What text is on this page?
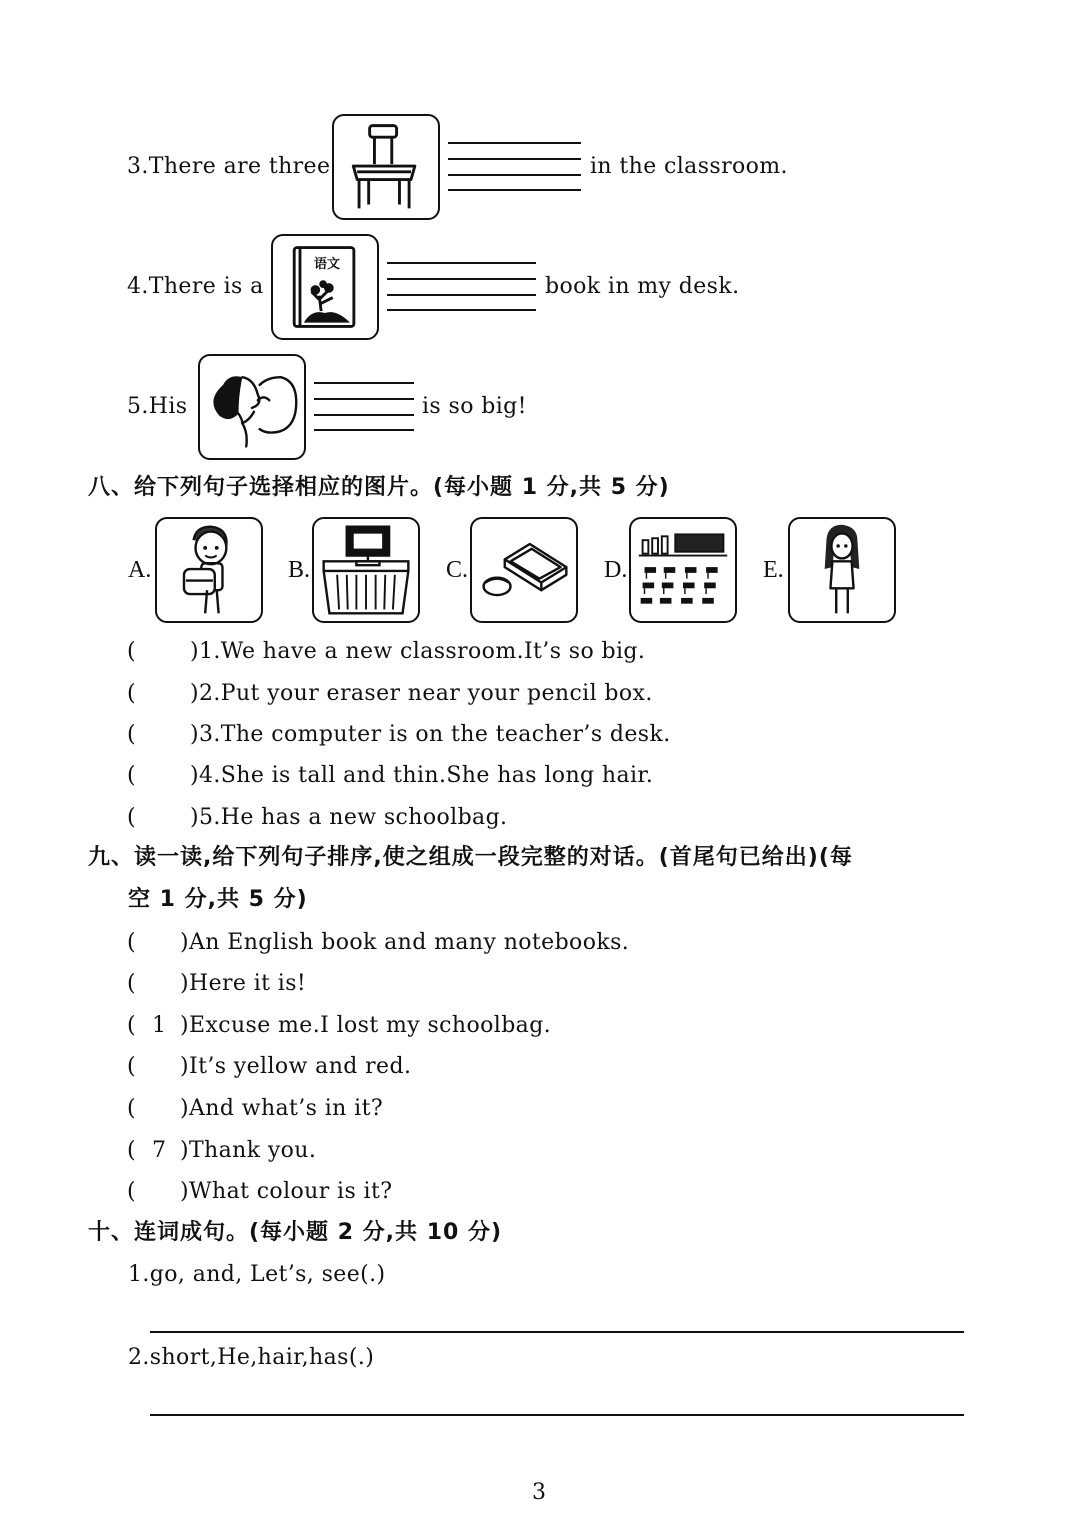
3.There are three	in the classroom.
4.There is a
语文
book in my desk.
5.His	is so big!
八、给下列句子选择相应的图片。(每小题 1 分,共 5 分)
A.	B.	C.	D.	E.
( )1.We have a new classroom.It’s so big.
( )2.Put your eraser near your pencil box.
( )3.The computer is on the teacher’s desk.
( )4.She is tall and thin.She has long hair.
( )5.He has a new schoolbag.
九、读一读,给下列句子排序,使之组成一段完整的对话。(首尾句已给出)(每
空 1 分,共 5 分)
( )An English book and many notebooks.
( )Here it is!
( 1 )Excuse me.I lost my schoolbag.
( )It’s yellow and red.
( )And what’s in it?
( 7 )Thank you.
( )What colour is it?
十、连词成句。(每小题 2 分,共 10 分)
1.go, and, Let’s, see(.)
2.short,He,hair,has(.)
3
